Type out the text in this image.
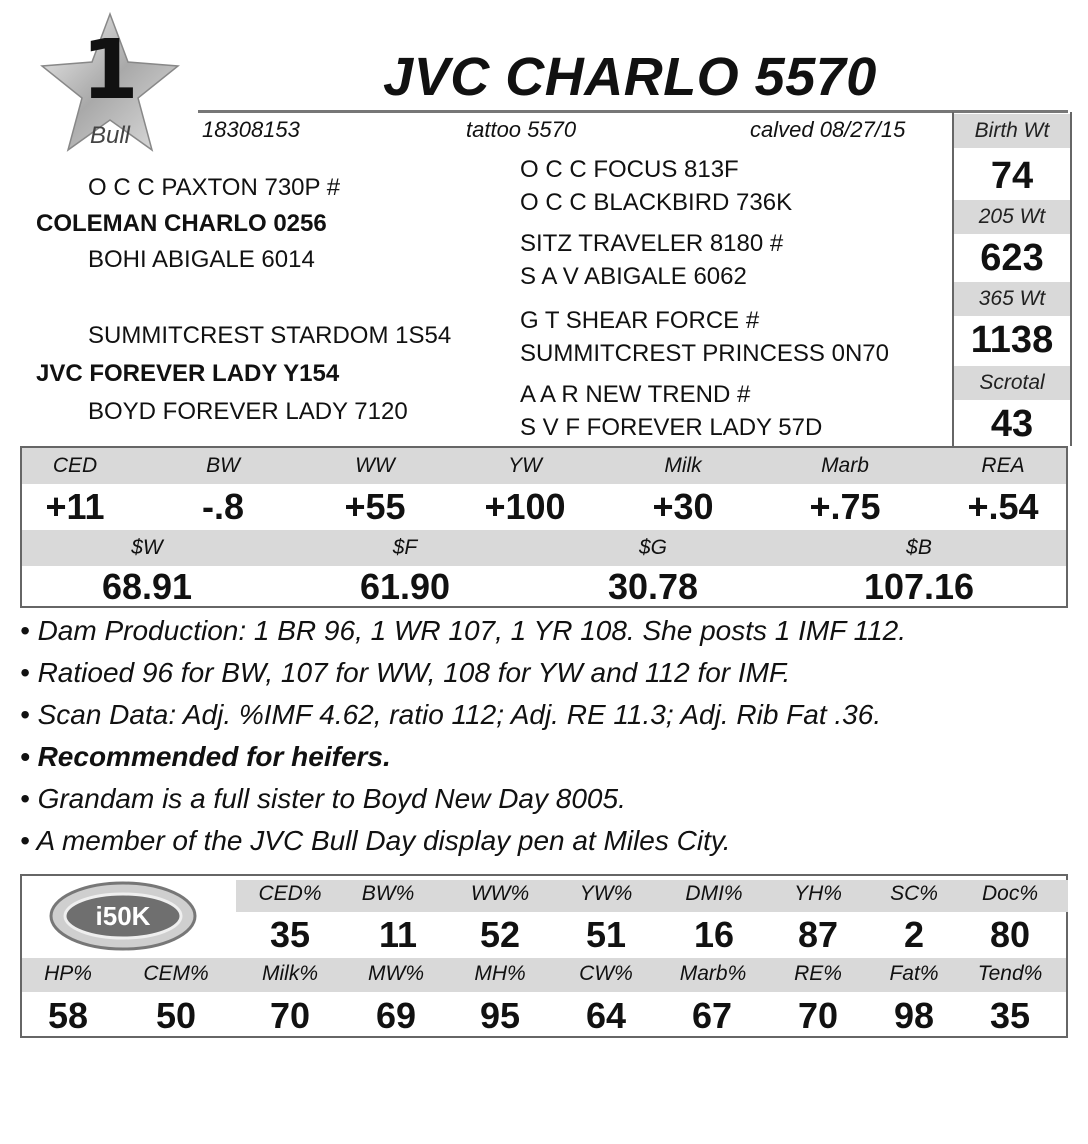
1
Bull
JVC CHARLO 5570
18308153	tattoo 5570	calved 08/27/15	Birth Wt
74
205 Wt
623
365 Wt
1138
Scrotal
43
O C C PAXTON 730P #
COLEMAN CHARLO 0256
BOHI ABIGALE 6014
SUMMITCREST STARDOM 1S54
JVC FOREVER LADY Y154
BOYD FOREVER LADY 7120
O C C FOCUS 813F
O C C BLACKBIRD 736K
SITZ TRAVELER 8180 #
S A V ABIGALE 6062
G T SHEAR FORCE #
SUMMITCREST PRINCESS 0N70
A A R NEW TREND #
S V F FOREVER LADY 57D
CED	BW	WW	YW	Milk	Marb	REA
+11	-.8	+55	+100	+30	+.75	+.54
$W	$F	$G	$B
68.91	61.90	30.78	107.16
• Dam Production: 1 BR 96, 1 WR 107, 1 YR 108. She posts 1 IMF 112.
• Ratioed 96 for BW, 107 for WW, 108 for YW and 112 for IMF.
• Scan Data: Adj. %IMF 4.62, ratio 112; Adj. RE 11.3; Adj. Rib Fat .36.
• Recommended for heifers.
• Grandam is a full sister to Boyd New Day 8005.
• A member of the JVC Bull Day display pen at Miles City.
i50K
CED%	BW%	WW%	YW%	DMI%	YH%	SC%	Doc%
35	11	52	51	16	87	2	80
HP%	CEM%	Milk%	MW%	MH%	CW%	Marb%	RE%	Fat%	Tend%
58	50	70	69	95	64	67	70	98	35
